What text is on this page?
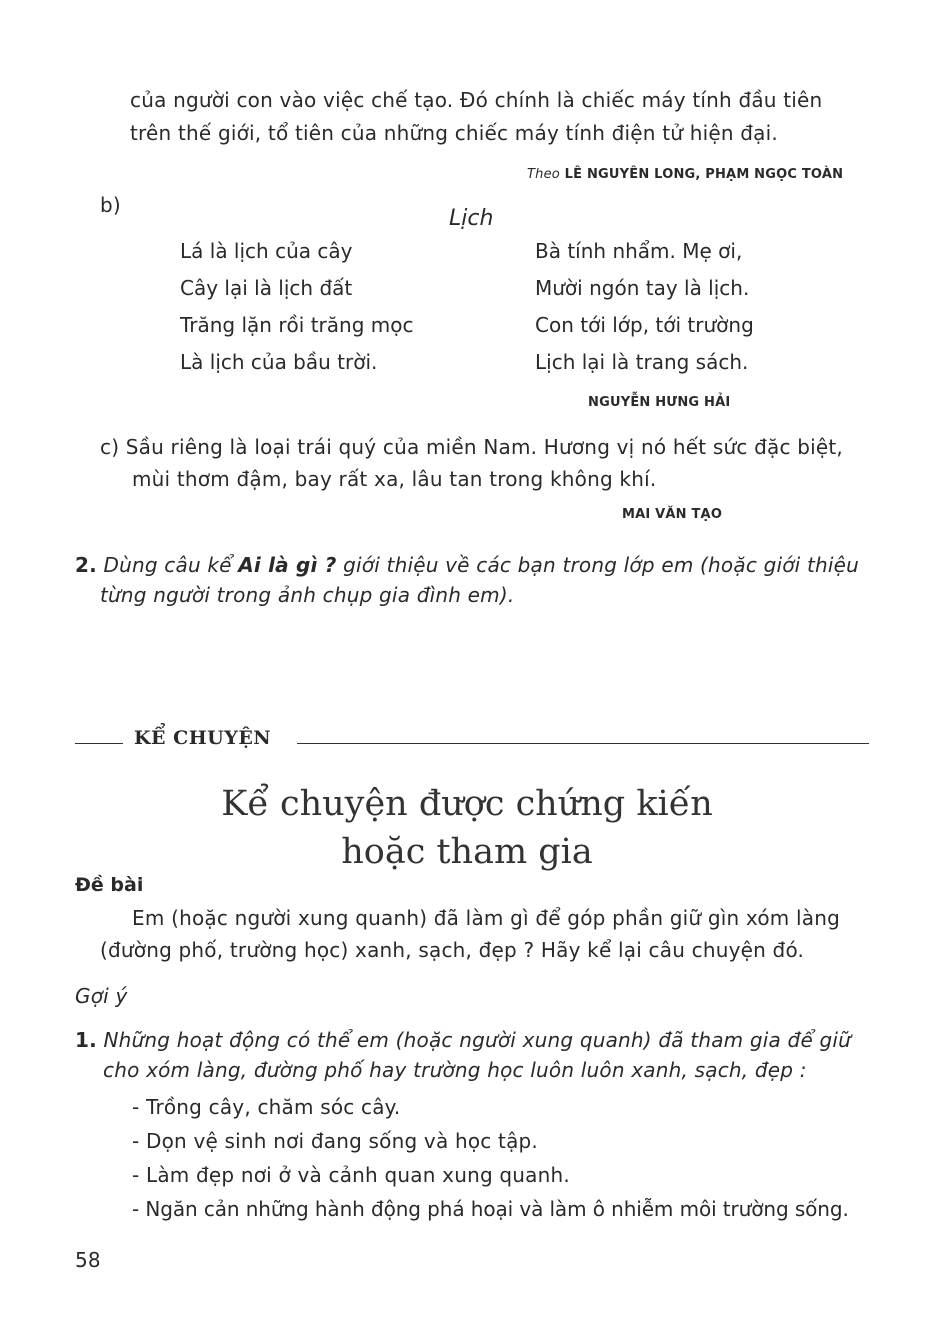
của người con vào việc chế tạo. Đó chính là chiếc máy tính đầu tiên
trên thế giới, tổ tiên của những chiếc máy tính điện tử hiện đại.
Theo LÊ NGUYÊN LONG, PHẠM NGỌC TOÀN
b)
Lịch
Lá là lịch của cây
Cây lại là lịch đất
Trăng lặn rồi trăng mọc
Là lịch của bầu trời.
Bà tính nhẩm. Mẹ ơi,
Mười ngón tay là lịch.
Con tới lớp, tới trường
Lịch lại là trang sách.
NGUYỄN HƯNG HẢI
c) Sầu riêng là loại trái quý của miền Nam. Hương vị nó hết sức đặc biệt,
mùi thơm đậm, bay rất xa, lâu tan trong không khí.
MAI VĂN TẠO
2. Dùng câu kể Ai là gì ? giới thiệu về các bạn trong lớp em (hoặc giới thiệu
từng người trong ảnh chụp gia đình em).
KỂ CHUYỆN
Kể chuyện được chứng kiến
hoặc tham gia
Đề bài
Em (hoặc người xung quanh) đã làm gì để góp phần giữ gìn xóm làng
(đường phố, trường học) xanh, sạch, đẹp ? Hãy kể lại câu chuyện đó.
Gợi ý
1. Những hoạt động có thể em (hoặc người xung quanh) đã tham gia để giữ
cho xóm làng, đường phố hay trường học luôn luôn xanh, sạch, đẹp :
- Trồng cây, chăm sóc cây.
- Dọn vệ sinh nơi đang sống và học tập.
- Làm đẹp nơi ở và cảnh quan xung quanh.
- Ngăn cản những hành động phá hoại và làm ô nhiễm môi trường sống.
58
